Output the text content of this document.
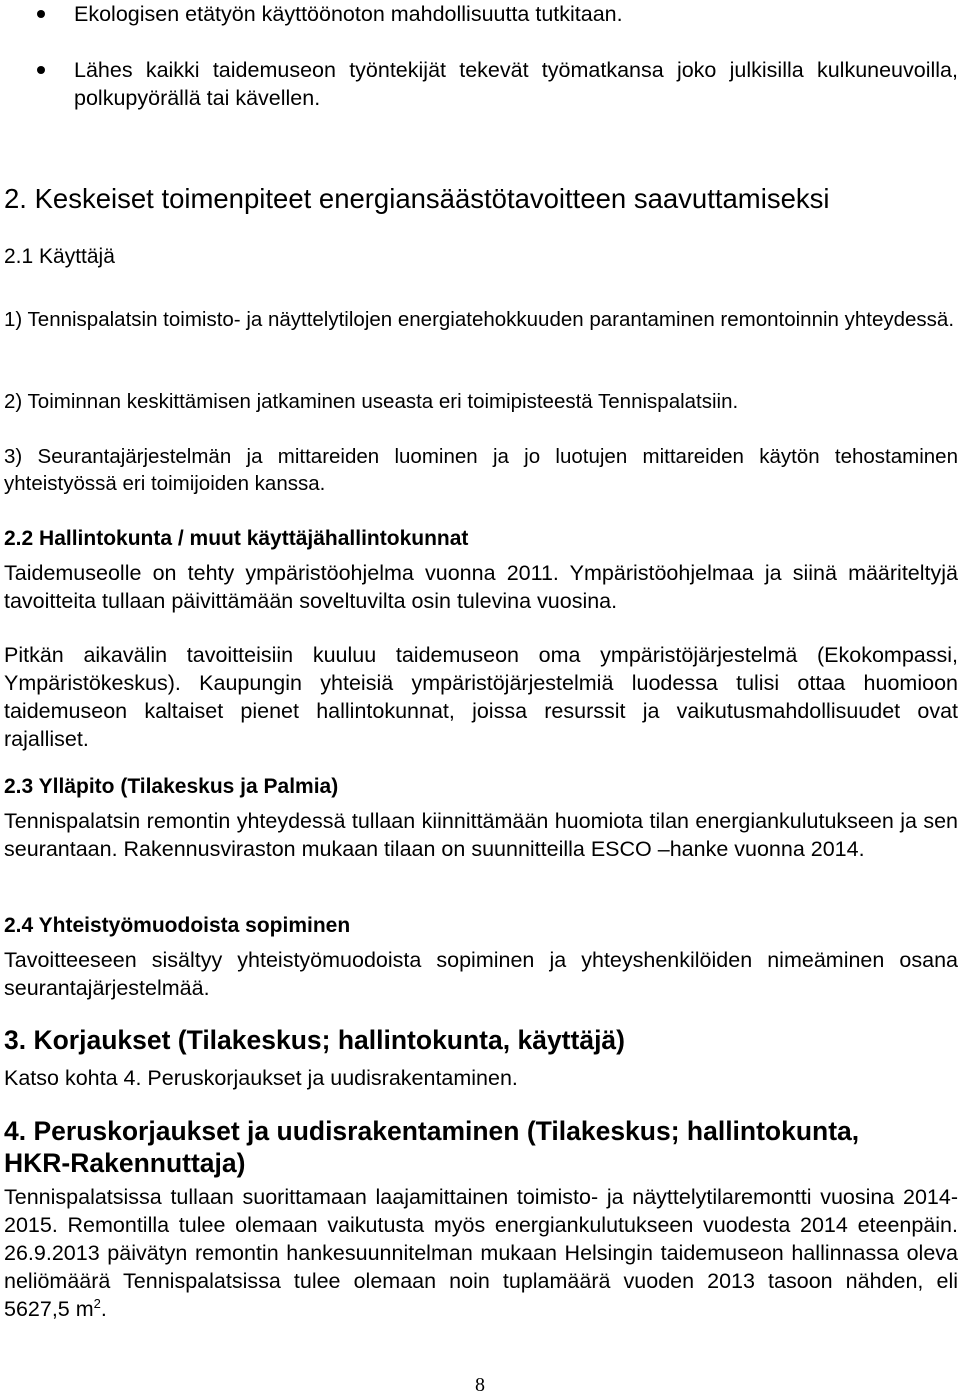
Ekologisen etätyön käyttöönoton mahdollisuutta tutkitaan.
Lähes kaikki taidemuseon työntekijät tekevät työmatkansa joko julkisilla kulkuneuvoilla, polkupyörällä tai kävellen.
2. Keskeiset toimenpiteet energiansäästötavoitteen saavuttamiseksi
2.1 Käyttäjä

1) Tennispalatsin toimisto- ja näyttelytilojen energiatehokkuuden parantaminen remontoinnin yhteydessä.

2) Toiminnan keskittämisen jatkaminen useasta eri toimipisteestä Tennispalatsiin.

3) Seurantajärjestelmän ja mittareiden luominen ja jo luotujen mittareiden käytön tehostaminen yhteistyössä eri toimijoiden kanssa.

2.2 Hallintokunta / muut käyttäjähallintokunnat

Taidemuseolle on tehty ympäristöohjelma vuonna 2011. Ympäristöohjelmaa ja siinä määriteltyjä tavoitteita tullaan päivittämään soveltuvilta osin tulevina vuosina.

Pitkän aikavälin tavoitteisiin kuuluu taidemuseon oma ympäristöjärjestelmä (Ekokompassi, Ympäristökeskus). Kaupungin yhteisiä ympäristöjärjestelmiä luodessa tulisi ottaa huomioon taidemuseon kaltaiset pienet hallintokunnat, joissa resurssit ja vaikutusmahdollisuudet ovat rajalliset.

2.3 Ylläpito (Tilakeskus ja Palmia)

Tennispalatsin remontin yhteydessä tullaan kiinnittämään huomiota tilan energiankulutukseen ja sen seurantaan. Rakennusviraston mukaan tilaan on suunnitteilla ESCO –hanke vuonna 2014.

2.4 Yhteistyömuodoista sopiminen

Tavoitteeseen sisältyy yhteistyömuodoista sopiminen ja yhteyshenkilöiden nimeäminen osana seurantajärjestelmää.

3. Korjaukset (Tilakeskus; hallintokunta, käyttäjä)

Katso kohta 4. Peruskorjaukset ja uudisrakentaminen.

4. Peruskorjaukset ja uudisrakentaminen (Tilakeskus; hallintokunta, HKR-Rakennuttaja)

Tennispalatsissa tullaan suorittamaan laajamittainen toimisto- ja näyttelytilaremontti vuosina 2014-2015. Remontilla tulee olemaan vaikutusta myös energiankulutukseen vuodesta 2014 eteenpäin. 26.9.2013 päivätyn remontin hankesuunnitelman mukaan Helsingin taidemuseon hallinnassa oleva neliömäärä Tennispalatsissa tulee olemaan noin tuplamäärä vuoden 2013 tasoon nähden, eli 5627,5 $m^2$.

8
